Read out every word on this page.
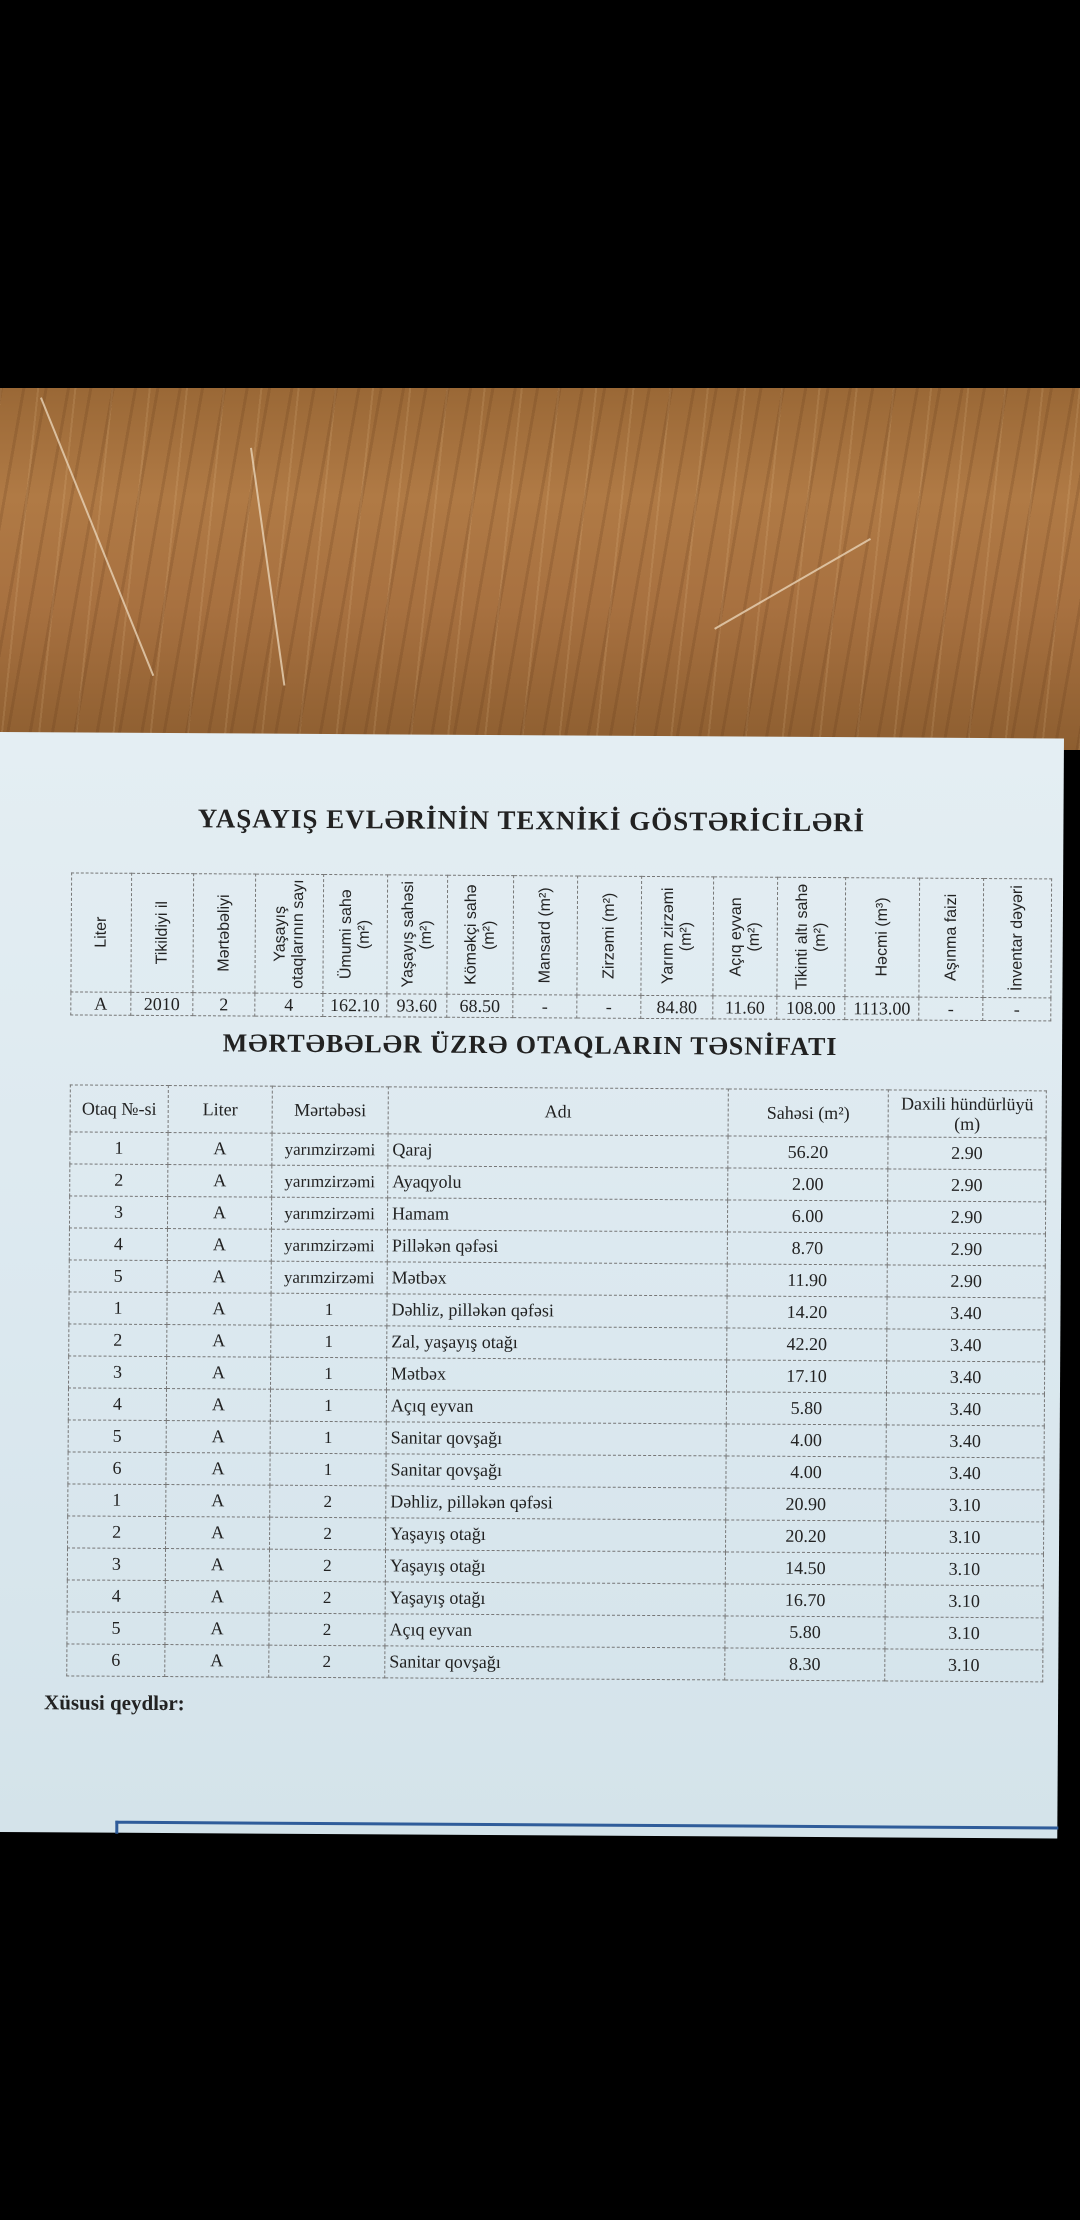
YAŞAYIŞ EVLƏRİNİN TEXNİKİ GÖSTƏRİCİLƏRİ
Liter	Tikildiyi il	Mərtəbəliyi	Yaşayış otaqlarının sayı	Ümumi sahə (m²)	Yaşayış sahəsi (m²)	Köməkçi sahə (m²)	Mansard (m²)	Zirzəmi (m²)	Yarım zirzəmi (m²)	Açıq eyvan (m²)	Tikinti altı sahə (m²)	Həcmi (m³)	Aşınma faizi	İnventar dəyəri

A	2010	2	4	162.10	93.60	68.50	-	-	84.80	11.60	108.00	1113.00	-	-
MƏRTƏBƏLƏR ÜZRƏ OTAQLARIN TƏSNİFATI
Otaq №-si	Liter	Mərtəbəsi	Adı	Sahəsi (m²)	Daxili hündürlüyü (m)
1	A	yarımzirzəmi	Qaraj	56.20	2.90
2	A	yarımzirzəmi	Ayaqyolu	2.00	2.90
3	A	yarımzirzəmi	Hamam	6.00	2.90
4	A	yarımzirzəmi	Pilləkən qəfəsi	8.70	2.90
5	A	yarımzirzəmi	Mətbəx	11.90	2.90
1	A	1	Dəhliz, pilləkən qəfəsi	14.20	3.40
2	A	1	Zal, yaşayış otağı	42.20	3.40
3	A	1	Mətbəx	17.10	3.40
4	A	1	Açıq eyvan	5.80	3.40
5	A	1	Sanitar qovşağı	4.00	3.40
6	A	1	Sanitar qovşağı	4.00	3.40
1	A	2	Dəhliz, pilləkən qəfəsi	20.90	3.10
2	A	2	Yaşayış otağı	20.20	3.10
3	A	2	Yaşayış otağı	14.50	3.10
4	A	2	Yaşayış otağı	16.70	3.10
5	A	2	Açıq eyvan	5.80	3.10
6	A	2	Sanitar qovşağı	8.30	3.10
Xüsusi qeydlər:
